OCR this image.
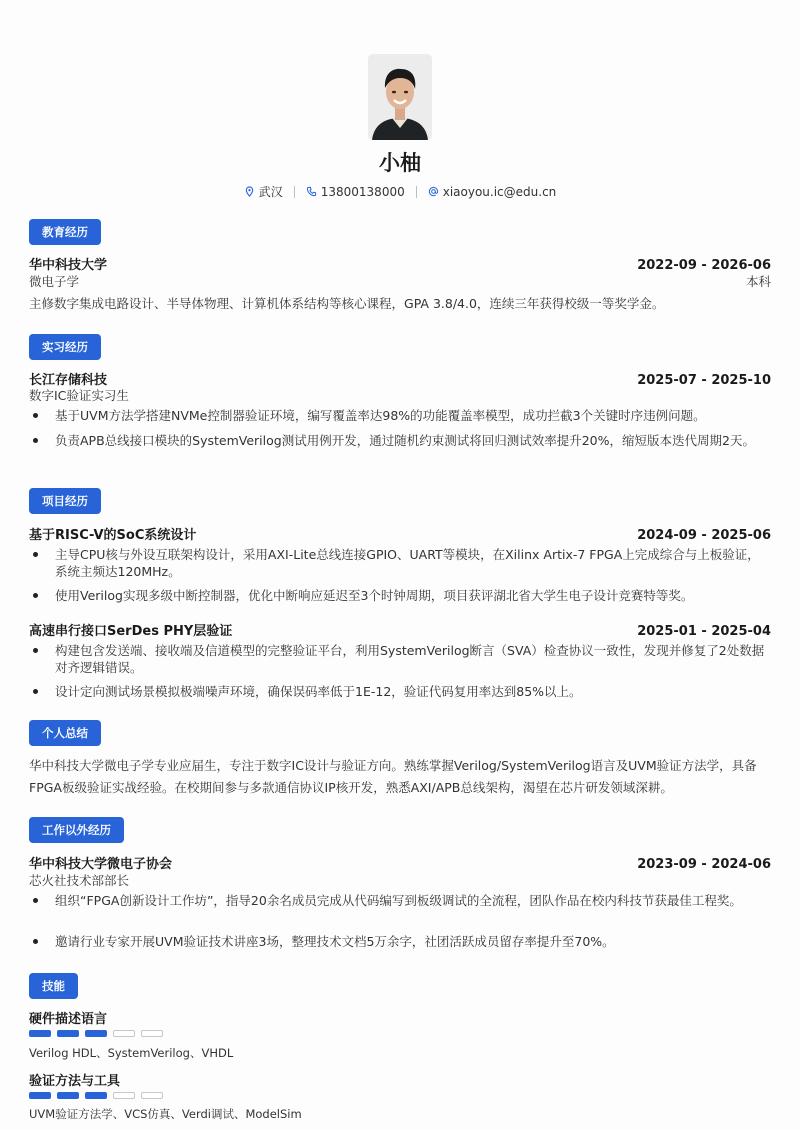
小柚
武汉	13800138000	xiaoyou.ic@edu.cn
教育经历
华中科技大学	2022-09 - 2026-06
微电子学	本科
主修数字集成电路设计、半导体物理、计算机体系结构等核心课程，GPA 3.8/4.0，连续三年获得校级一等奖学金。
实习经历
长江存储科技	2025-07 - 2025-10
数字IC验证实习生
基于UVM方法学搭建NVMe控制器验证环境，编写覆盖率达98%的功能覆盖率模型，成功拦截3个关键时序违例问题。
负责APB总线接口模块的SystemVerilog测试用例开发，通过随机约束测试将回归测试效率提升20%，缩短版本迭代周期2天。
项目经历
基于RISC-V的SoC系统设计	2024-09 - 2025-06
主导CPU核与外设互联架构设计，采用AXI-Lite总线连接GPIO、UART等模块，在Xilinx Artix-7 FPGA上完成综合与上板验证，系统主频达120MHz。
使用Verilog实现多级中断控制器，优化中断响应延迟至3个时钟周期，项目获评湖北省大学生电子设计竞赛特等奖。
高速串行接口SerDes PHY层验证	2025-01 - 2025-04
构建包含发送端、接收端及信道模型的完整验证平台，利用SystemVerilog断言（SVA）检查协议一致性，发现并修复了2处数据对齐逻辑错误。
设计定向测试场景模拟极端噪声环境，确保误码率低于1E-12，验证代码复用率达到85%以上。
个人总结
华中科技大学微电子学专业应届生，专注于数字IC设计与验证方向。熟练掌握Verilog/SystemVerilog语言及UVM验证方法学，具备FPGA板级验证实战经验。在校期间参与多款通信协议IP核开发，熟悉AXI/APB总线架构，渴望在芯片研发领域深耕。
工作以外经历
华中科技大学微电子协会	2023-09 - 2024-06
芯火社技术部部长
组织“FPGA创新设计工作坊”，指导20余名成员完成从代码编写到板级调试的全流程，团队作品在校内科技节获最佳工程奖。
邀请行业专家开展UVM验证技术讲座3场，整理技术文档5万余字，社团活跃成员留存率提升至70%。
技能
硬件描述语言
Verilog HDL、SystemVerilog、VHDL
验证方法与工具
UVM验证方法学、VCS仿真、Verdi调试、ModelSim
